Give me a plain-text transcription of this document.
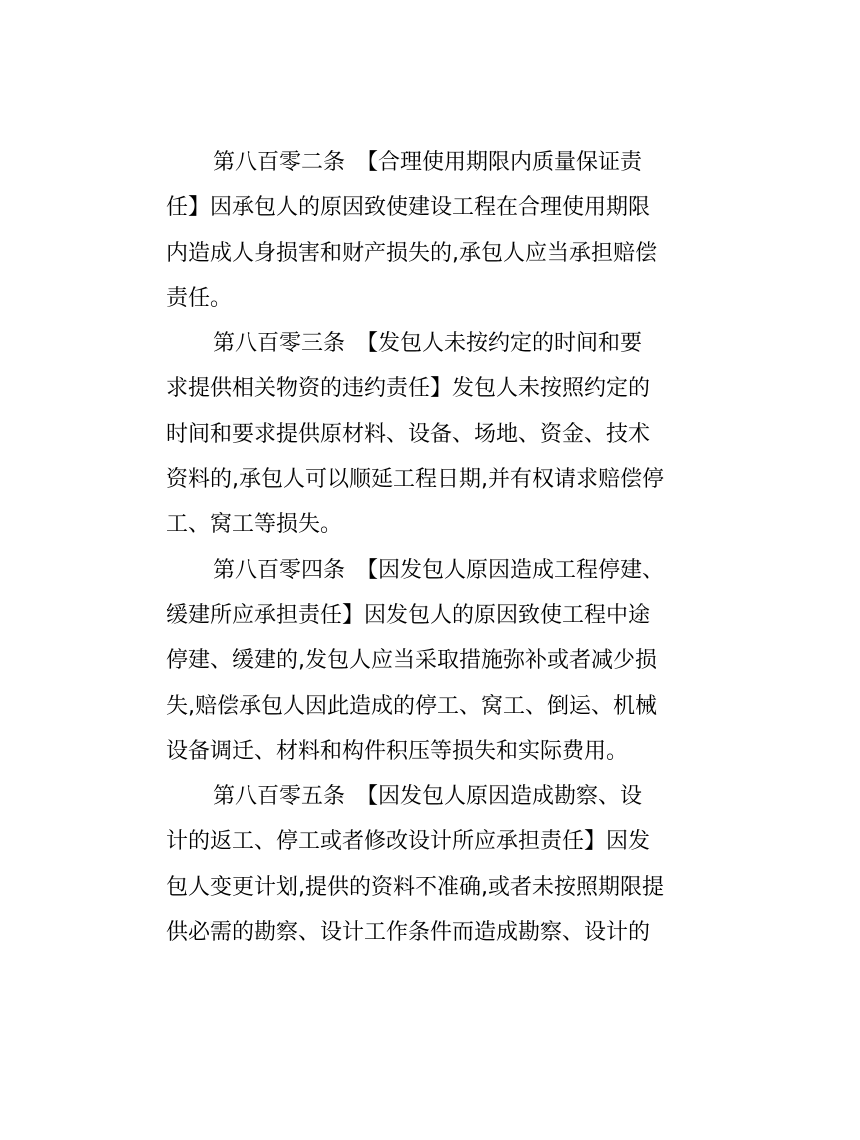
第八百零二条　【合理使用期限内质量保证责
任】因承包人的原因致使建设工程在合理使用期限
内造成人身损害和财产损失的,承包人应当承担赔偿
责任。
第八百零三条　【发包人未按约定的时间和要
求提供相关物资的违约责任】发包人未按照约定的
时间和要求提供原材料、设备、场地、资金、技术
资料的,承包人可以顺延工程日期,并有权请求赔偿停
工、窝工等损失。
第八百零四条　【因发包人原因造成工程停建、
缓建所应承担责任】因发包人的原因致使工程中途
停建、缓建的,发包人应当采取措施弥补或者减少损
失,赔偿承包人因此造成的停工、窝工、倒运、机械
设备调迁、材料和构件积压等损失和实际费用。
第八百零五条　【因发包人原因造成勘察、设
计的返工、停工或者修改设计所应承担责任】因发
包人变更计划,提供的资料不准确,或者未按照期限提
供必需的勘察、设计工作条件而造成勘察、设计的
